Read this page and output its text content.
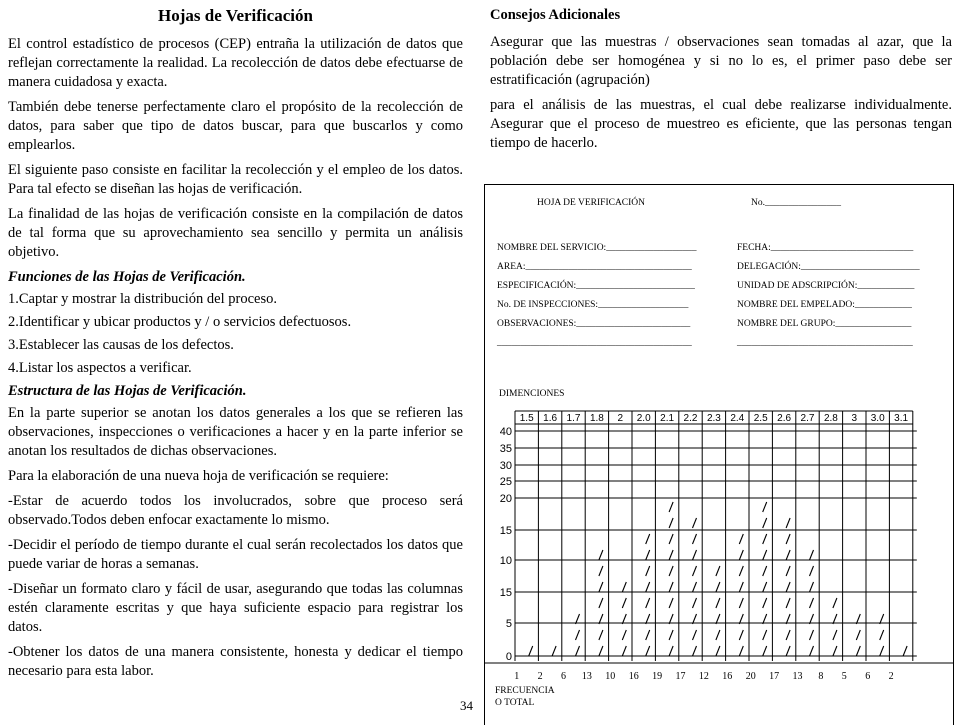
Hojas de Verificación

El control estadístico de procesos (CEP) entraña la utilización de datos que reflejan correctamente la realidad. La recolección de datos debe efectuarse de manera cuidadosa y exacta.

También debe tenerse perfectamente claro el propósito de la recolección de datos, para saber que tipo de datos buscar, para que buscarlos y como emplearlos.

El siguiente paso consiste en facilitar la recolección y el empleo de los datos. Para tal efecto se diseñan las hojas de verificación.

La finalidad de las hojas de verificación consiste en la compilación de datos de tal forma que su aprovechamiento sea sencillo y permita un análisis objetivo.

Funciones de las Hojas de Verificación.
1.Captar y mostrar la distribución del proceso.
2.Identificar y ubicar productos y / o servicios defectuosos.
3.Establecer las causas de los defectos.
4.Listar los aspectos a verificar.
Estructura de las Hojas de Verificación.

En la parte superior se anotan los datos generales a los que se refieren las observaciones, inspecciones o verificaciones a hacer y en la parte inferior se anotan los resultados de dichas observaciones.

Para la elaboración de una nueva hoja de verificación se requiere:

-Estar de acuerdo todos los involucrados, sobre que proceso será observado.Todos deben enfocar exactamente lo mismo.

-Decidir el período de tiempo durante el cual serán recolectados los datos que puede variar de horas a semanas.

-Diseñar un formato claro y fácil de usar, asegurando que todas las columnas estén claramente escritas y que haya suficiente espacio para registrar los datos.

-Obtener los datos de una manera consistente, honesta y dedicar el tiempo necesario para esta labor.

34
Consejos Adicionales

Asegurar que las muestras / observaciones sean tomadas al azar, que la población debe ser homogénea y si no lo es, el primer paso debe ser estratificación (agrupación)

para el análisis de las muestras, el cual debe realizarse individualmente. Asegurar que el proceso de muestreo es eficiente, que las personas tengan tiempo de hacerlo.

HOJA DE VERIFICACIÓN	No.________________
DIMENCIONES
1.5 1.6 1.7 1.8 2 2.0 2.1 2.2 2.3 2.4 2.5 2.6 2.7 2.8 3 3.0 3.1
40
35
30
25
20
15
10
15
5
0
1 2 6 13 10 16 19 17 12 16 20 17 13 8 5 6 2
FRECUENCIA
O TOTAL
NOMBRE DEL SERVICIO:___________________
AREA:___________________________________
ESPECIFICACIÓN:_________________________
No. DE INSPECCIONES:___________________
OBSERVACIONES:________________________
_________________________________________
FECHA:______________________________
DELEGACIÓN:_________________________
UNIDAD DE ADSCRIPCIÓN:____________
NOMBRE DEL EMPELADO:____________
NOMBRE DEL GRUPO:________________
_____________________________________
